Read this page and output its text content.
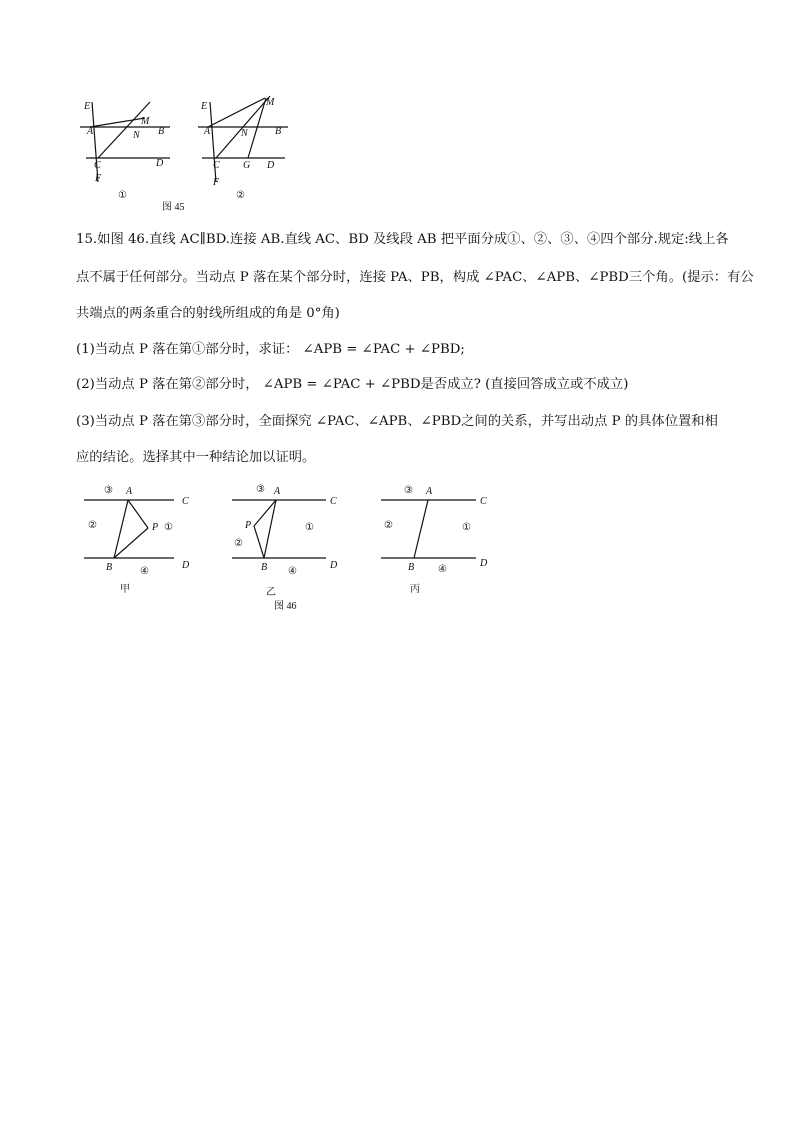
E
A
M
N B
C	D
F
①
E
A
M
N	B
C G D
F
②
图 45
15.如图 46.直线 AC∥BD.连接 AB.直线 AC、BD 及线段 AB 把平面分成①、②、③、④四个部分.规定:线上各
点不属于任何部分。当动点 P 落在某个部分时，连接 PA、PB，构成 ∠PAC、∠APB、∠PBD三个角。(提示：有公
共端点的两条重合的射线所组成的角是 0°角)
(1)当动点 P 落在第①部分时，求证： ∠APB = ∠PAC + ∠PBD;
(2)当动点 P 落在第②部分时， ∠APB = ∠PAC + ∠PBD是否成立? (直接回答成立或不成立)
(3)当动点 P 落在第③部分时，全面探究 ∠PAC、∠APB、∠PBD之间的关系，并写出动点 P 的具体位置和相
应的结论。选择其中一种结论加以证明。
③ A
C
②	P ①
B	④
D
甲
③ A
C
P
②
①
B ④
D
乙
③ A
C
②	①
B ④
D
丙
图 46
